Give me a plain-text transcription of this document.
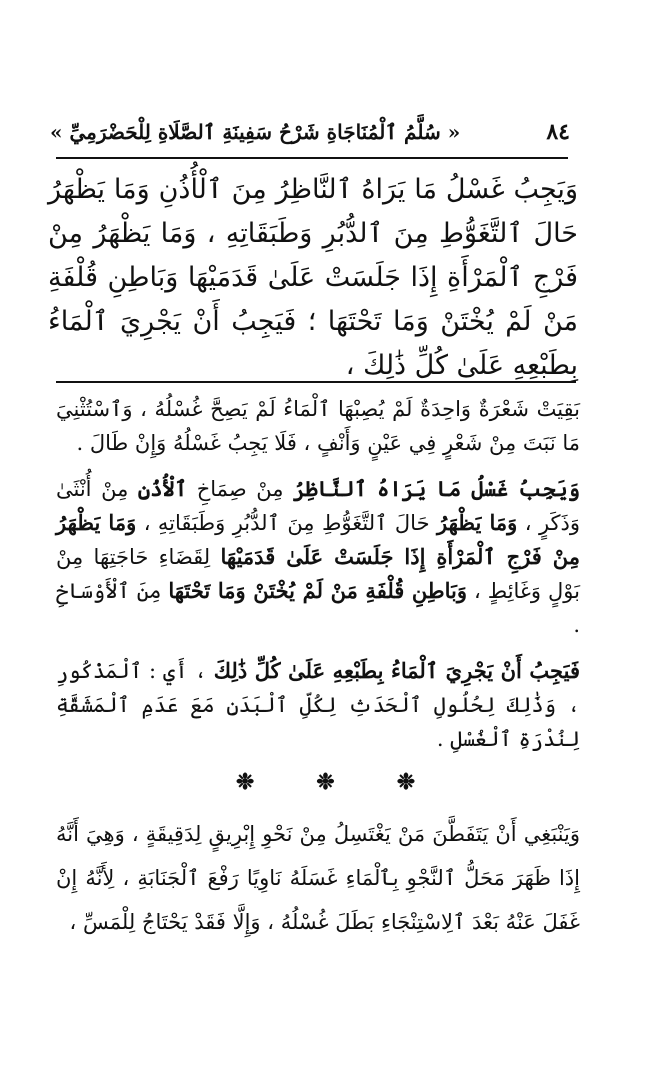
٨٤
« سُلَّمُ ٱلْمُنَاجَاةِ شَرْحُ سَفِينَةِ ٱلصَّلَاةِ لِلْحَضْرَمِيِّ »

وَيَجِبُ غَسْلُ مَا يَرَاهُ ٱلنَّاظِرُ مِنَ ٱلْأُذُنِ وَمَا يَظْهَرُ حَالَ ٱلتَّغَوُّطِ مِنَ ٱلدُّبُرِ وَطَبَقَاتِهِ ، وَمَا يَظْهَرُ مِنْ فَرْجِ ٱلْمَرْأَةِ إِذَا جَلَسَتْ عَلَىٰ قَدَمَيْهَا وَبَاطِنِ قُلْفَةِ مَنْ لَمْ يُخْتَنْ وَمَا تَحْتَهَا ؛ فَيَجِبُ أَنْ يَجْرِيَ ٱلْمَاءُ بِطَبْعِهِ عَلَىٰ كُلِّ ذَٰلِكَ ،

بَقِيَتْ شَعْرَةٌ وَاحِدَةٌ لَمْ يُصِبْهَا ٱلْمَاءُ لَمْ يَصِحَّ غُسْلُهُ ، وَٱسْتُثْنِيَ مَا نَبَتَ مِنْ شَعْرٍ فِي عَيْنٍ وَأَنْفٍ ، فَلَا يَجِبُ غَسْلُهُ وَإِنْ طَالَ .

وَيَجِبُ غَسْلُ مَا يَرَاهُ ٱلنَّاظِرُ مِنْ صِمَاخِ ٱلْأُذُنِ مِنْ أُنْثَىٰ وَذَكَرٍ ، وَمَا يَظْهَرُ حَالَ ٱلتَّغَوُّطِ مِنَ ٱلدُّبُرِ وَطَبَقَاتِهِ ، وَمَا يَظْهَرُ مِنْ فَرْجِ ٱلْمَرْأَةِ إِذَا جَلَسَتْ عَلَىٰ قَدَمَيْهَا لِقَضَاءِ حَاجَتِهَا مِنْ بَوْلٍ وَغَائِطٍ ، وَبَاطِنِ قُلْفَةِ مَنْ لَمْ يُخْتَنْ وَمَا تَحْتَهَا مِنَ ٱلْأَوْسَاخِ .

فَيَجِبُ أَنْ يَجْرِيَ ٱلْمَاءُ بِطَبْعِهِ عَلَىٰ كُلِّ ذَٰلِكَ ، أَيِ : ٱلْمَذْكُورِ ، وَذَٰلِكَ لِحُلُولِ ٱلْحَدَثِ لِكُلِّ ٱلْبَدَنِ مَعَ عَدَمِ ٱلْمَشَقَّةِ لِنُدْرَةِ ٱلْغُسْلِ .

❉	❉	❉

وَيَنْبَغِي أَنْ يَتَفَطَّنَ مَنْ يَغْتَسِلُ مِنْ نَحْوِ إِبْرِيقٍ لِدَقِيقَةٍ ، وَهِيَ أَنَّهُ إِذَا ظَهَرَ مَحَلُّ ٱلنَّجْوِ بِٱلْمَاءِ غَسَلَهُ نَاوِيًا رَفْعَ ٱلْجَنَابَةِ ، لِأَنَّهُ إِنْ غَفَلَ عَنْهُ بَعْدَ ٱلِاسْتِنْجَاءِ بَطَلَ غُسْلُهُ ، وَإِلَّا فَقَدْ يَحْتَاجُ لِلْمَسِّ ،
